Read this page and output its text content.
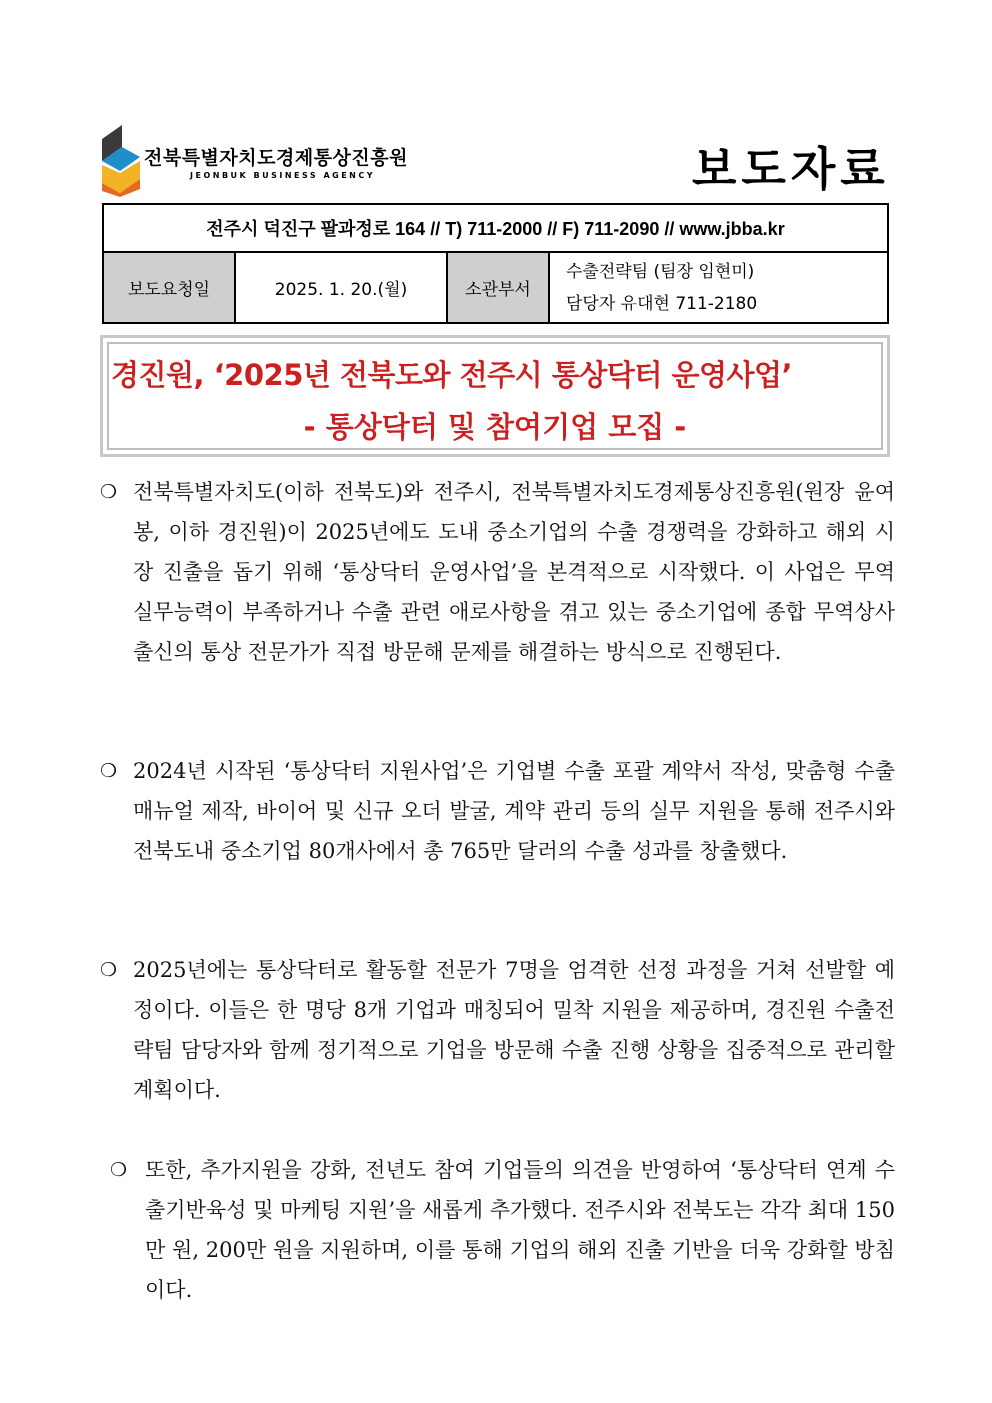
전북특별자치도경제통상진흥원
JEONBUK BUSINESS AGENCY	보도자료
전주시 덕진구 팔과정로 164 // T) 711-2000 // F) 711-2090 // www.jbba.kr
보도요청일	2025. 1. 20.(월)	소관부서	
수출전략팀 (팀장 임현미)
담당자 유대현 711-2180
경진원, ‘2025년 전북도와 전주시 통상닥터 운영사업’
- 통상닥터 및 참여기업 모집 -
❍ 전북특별자치도(이하 전북도)와 전주시, 전북특별자치도경제통상진흥원(원장 윤여봉, 이하 경진원)이 2025년에도 도내 중소기업의 수출 경쟁력을 강화하고 해외 시장 진출을 돕기 위해 ‘통상닥터 운영사업’을 본격적으로 시작했다. 이 사업은 무역 실무능력이 부족하거나 수출 관련 애로사항을 겪고 있는 중소기업에 종합 무역상사 출신의 통상 전문가가 직접 방문해 문제를 해결하는 방식으로 진행된다.
❍ 2024년 시작된 ‘통상닥터 지원사업’은 기업별 수출 포괄 계약서 작성, 맞춤형 수출 매뉴얼 제작, 바이어 및 신규 오더 발굴, 계약 관리 등의 실무 지원을 통해 전주시와 전북도내 중소기업 80개사에서 총 765만 달러의 수출 성과를 창출했다.
❍ 2025년에는 통상닥터로 활동할 전문가 7명을 엄격한 선정 과정을 거쳐 선발할 예정이다. 이들은 한 명당 8개 기업과 매칭되어 밀착 지원을 제공하며, 경진원 수출전략팀 담당자와 함께 정기적으로 기업을 방문해 수출 진행 상황을 집중적으로 관리할 계획이다.
❍ 또한, 추가지원을 강화, 전년도 참여 기업들의 의견을 반영하여 ‘통상닥터 연계 수출기반육성 및 마케팅 지원’을 새롭게 추가했다. 전주시와 전북도는 각각 최대 150만 원, 200만 원을 지원하며, 이를 통해 기업의 해외 진출 기반을 더욱 강화할 방침이다.
